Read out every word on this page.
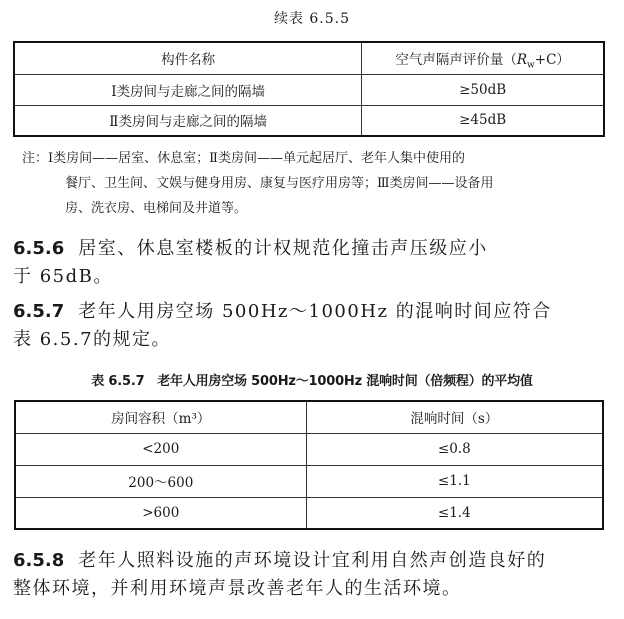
续表 6.5.5
构件名称	空气声隔声评价量$(R_w+C)$
Ⅰ类房间与走廊之间的隔墙	≥50dB
Ⅱ类房间与走廊之间的隔墙	≥45dB
注：Ⅰ类房间——居室、休息室；Ⅱ类房间——单元起居厅、老年人集中使用的
餐厅、卫生间、文娱与健身用房、康复与医疗用房等；Ⅲ类房间——设备用
房、洗衣房、电梯间及井道等。
6.5.6 居室、休息室楼板的计权规范化撞击声压级应小
于 65dB。
6.5.7 老年人用房空场 500Hz～1000Hz 的混响时间应符合
表 6.5.7的规定。
表 6.5.7　老年人用房空场 500Hz～1000Hz 混响时间（倍频程）的平均值
房间容积（m³）	混响时间（s）
<200	≤0.8
200～600	≤1.1
>600	≤1.4
6.5.8 老年人照料设施的声环境设计宜利用自然声创造良好的
整体环境，并利用环境声景改善老年人的生活环境。
